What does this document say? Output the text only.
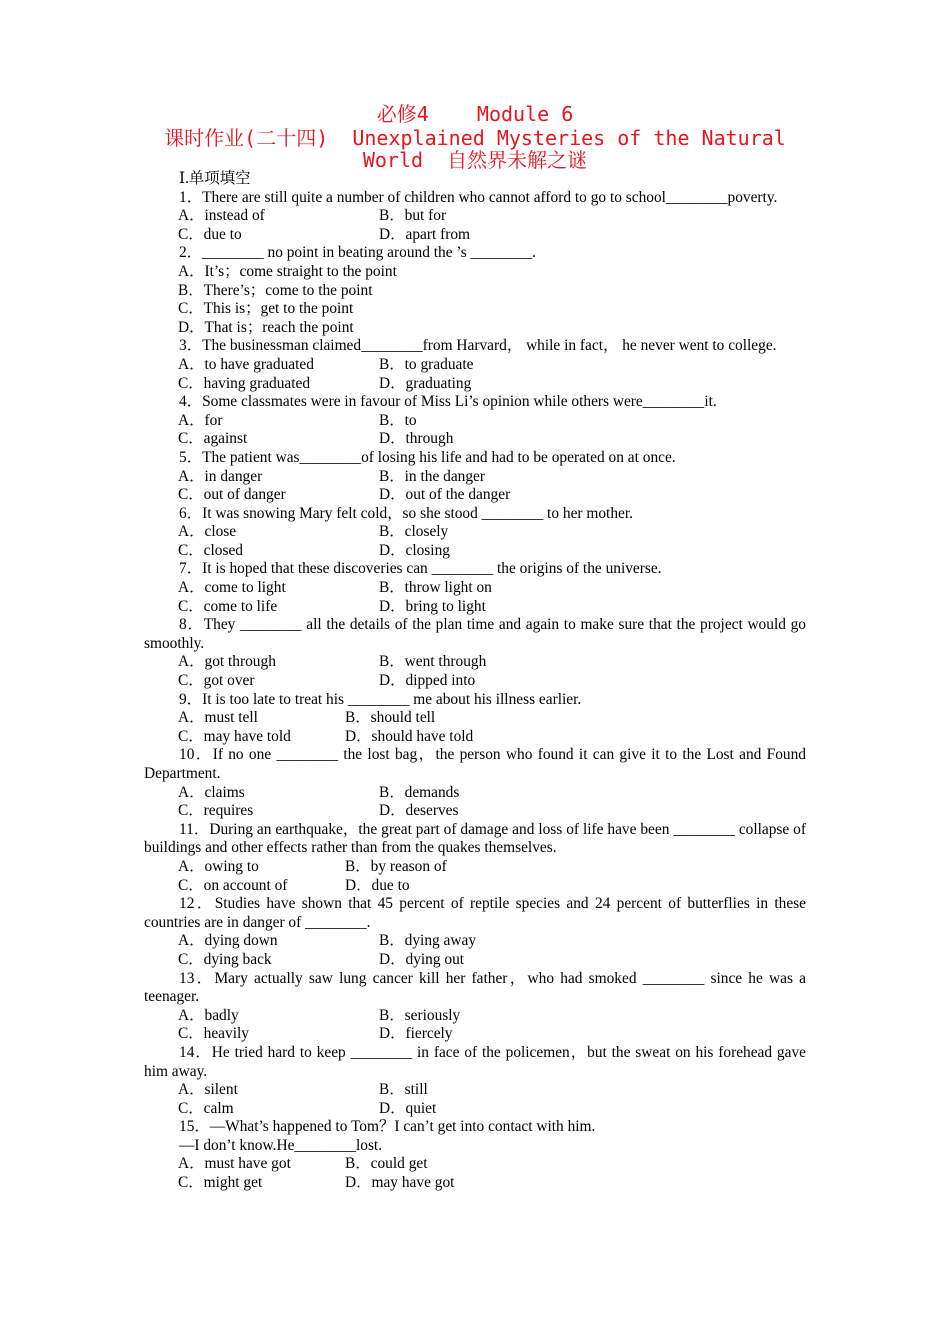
必修4    Module 6
课时作业(二十四)  Unexplained Mysteries of the Natural
World  自然界未解之谜
Ⅰ.单项填空
1．There are still quite a number of children who cannot afford to go to school________poverty.
A．instead of	B．but for
C．due to	D．apart from
2．________ no point in beating around the ’s ________.
A．It’s；come straight to the point
B．There’s；come to the point
C．This is；get to the point
D．That is；reach the point
3．The businessman claimed________from Harvard， while in fact， he never went to college.
A．to have graduated	B．to graduate
C．having graduated	D．graduating
4．Some classmates were in favour of Miss Li’s opinion while others were________it.
A．for	B．to
C．against	D．through
5．The patient was________of losing his life and had to be operated on at once.
A．in danger	B．in the danger
C．out of danger	D．out of the danger
6．It was snowing Mary felt cold，so she stood ________ to her mother.
A．close	B．closely
C．closed	D．closing
7．It is hoped that these discoveries can ________ the origins of the universe.
A．come to light	B．throw light on
C．come to life	D．bring to light
8．They ________ all the details of the plan time and again to make sure that the project would go smoothly.
A．got through	B．went through
C．got over	D．dipped into
9．It is too late to treat his ________ me about his illness earlier.
A．must tell	B．should tell
C．may have told	D．should have told
10．If no one ________ the lost bag，the person who found it can give it to the Lost and Found Department.
A．claims	B．demands
C．requires	D．deserves
11．During an earthquake，the great part of damage and loss of life have been ________ collapse of buildings and other effects rather than from the quakes themselves.
A．owing to	B．by reason of
C．on account of	D．due to
12．Studies have shown that 45 percent of reptile species and 24 percent of butterflies in these countries are in danger of ________.
A．dying down	B．dying away
C．dying back	D．dying out
13．Mary actually saw lung cancer kill her father，who had smoked ________ since he was a teenager.
A．badly	B．seriously
C．heavily	D．fiercely
14．He tried hard to keep ________ in face of the policemen，but the sweat on his forehead gave him away.
A．silent	B．still
C．calm	D．quiet
15．—What’s happened to Tom？I can’t get into contact with him.
—I don’t know.He________lost.
A．must have got	B．could get
C．might get	D．may have got
